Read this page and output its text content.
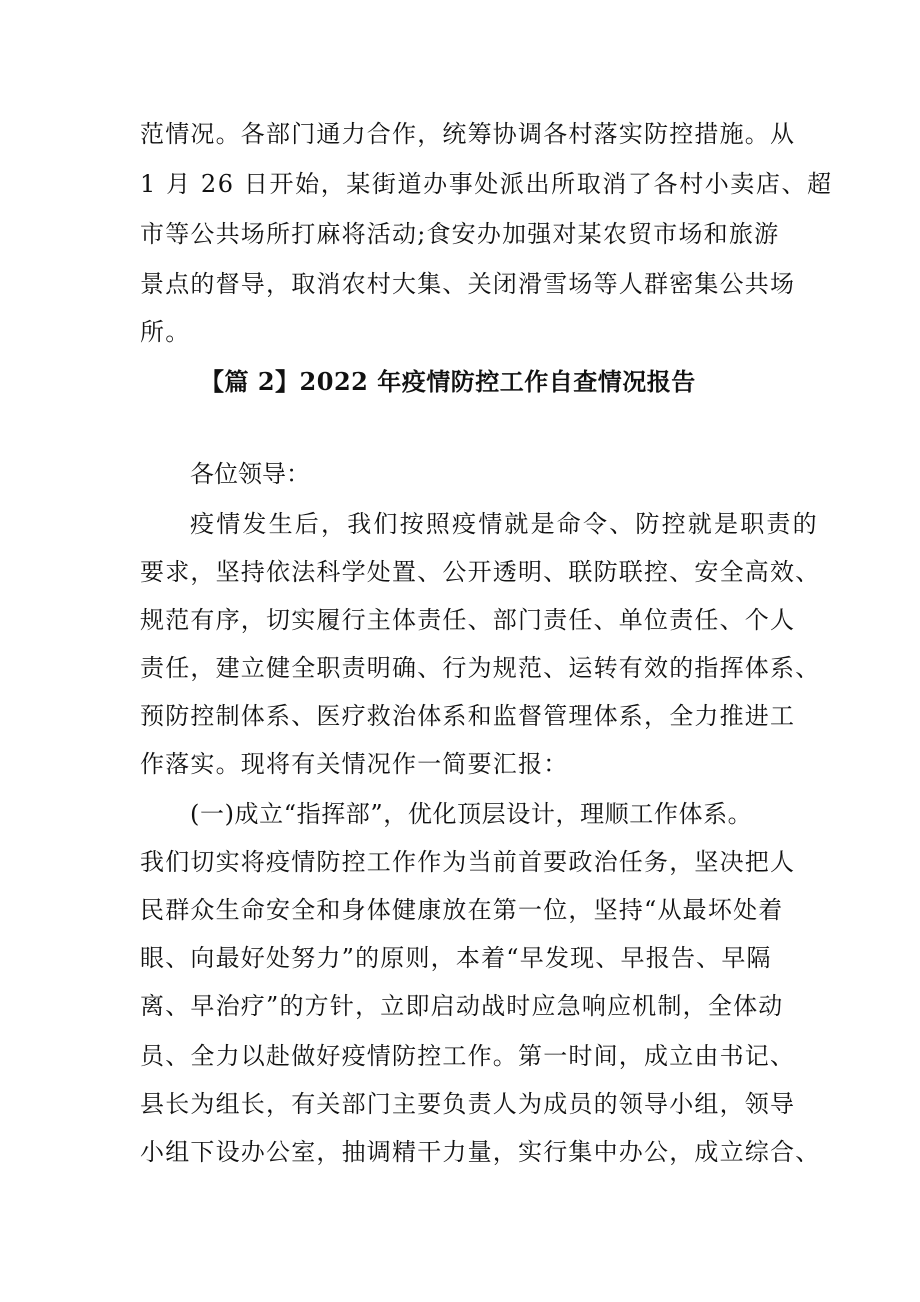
范情况。各部门通力合作，统筹协调各村落实防控措施。从
1 月 26 日开始，某街道办事处派出所取消了各村小卖店、超
市等公共场所打麻将活动;食安办加强对某农贸市场和旅游
景点的督导，取消农村大集、关闭滑雪场等人群密集公共场
所。
【篇 2】2022 年疫情防控工作自查情况报告
各位领导：
疫情发生后，我们按照疫情就是命令、防控就是职责的
要求，坚持依法科学处置、公开透明、联防联控、安全高效、
规范有序，切实履行主体责任、部门责任、单位责任、个人
责任，建立健全职责明确、行为规范、运转有效的指挥体系、
预防控制体系、医疗救治体系和监督管理体系，全力推进工
作落实。现将有关情况作一简要汇报：
(一)成立“指挥部”，优化顶层设计，理顺工作体系。
我们切实将疫情防控工作作为当前首要政治任务，坚决把人
民群众生命安全和身体健康放在第一位，坚持“从最坏处着
眼、向最好处努力”的原则，本着“早发现、早报告、早隔
离、早治疗”的方针，立即启动战时应急响应机制，全体动
员、全力以赴做好疫情防控工作。第一时间，成立由书记、
县长为组长，有关部门主要负责人为成员的领导小组，领导
小组下设办公室，抽调精干力量，实行集中办公，成立综合、
